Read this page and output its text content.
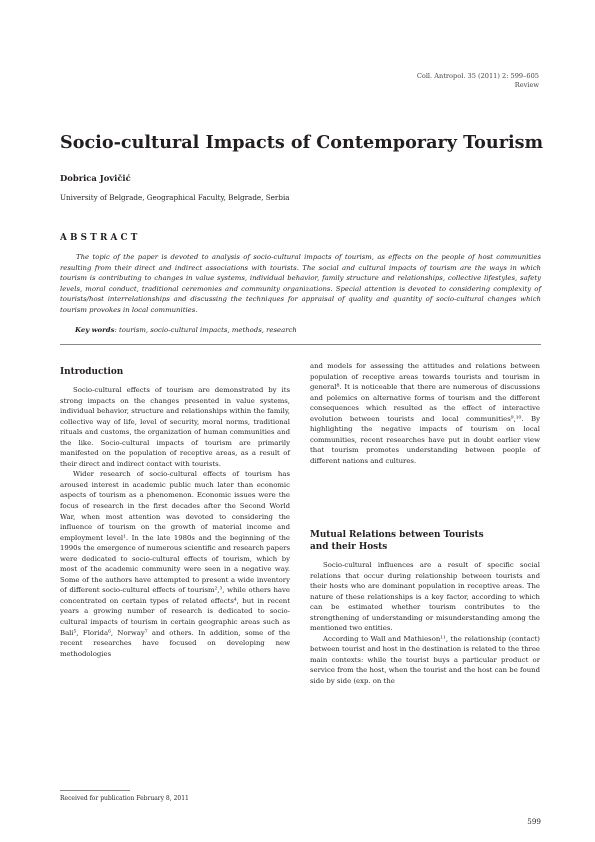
Coll. Antropol. 35 (2011) 2: 599–605
Review
Socio-cultural Impacts of Contemporary Tourism
Dobrica Jovičić
University of Belgrade, Geographical Faculty, Belgrade, Serbia
ABSTRACT
The topic of the paper is devoted to analysis of socio-cultural impacts of tourism, as effects on the people of host communities resulting from their direct and indirect associations with tourists. The social and cultural impacts of tourism are the ways in which tourism is contributing to changes in value systems, individual behavior, family structure and relationships, collective lifestyles, safety levels, moral conduct, traditional ceremonies and community organizations. Special attention is devoted to considering complexity of tourists/host interrelationships and discussing the techniques for appraisal of quality and quantity of socio-cultural changes which tourism provokes in local communities.
Key words: tourism, socio-cultural impacts, methods, research
Introduction

Socio-cultural effects of tourism are demonstrated by its strong impacts on the changes presented in value systems, individual behavior, structure and relationships within the family, collective way of life, level of security, moral norms, traditional rituals and customs, the organization of human communities and the like. Socio-cultural impacts of tourism are primarily manifested on the population of receptive areas, as a result of their direct and indirect contact with tourists.

Wider research of socio-cultural effects of tourism has aroused interest in academic public much later than economic aspects of tourism as a phenomenon. Economic issues were the focus of research in the first decades after the Second World War, when most attention was devoted to considering the influence of tourism on the growth of material income and employment level¹. In the late 1980s and the beginning of the 1990s the emergence of numerous scientific and research papers were dedicated to socio-cultural effects of tourism, which by most of the academic community were seen in a negative way. Some of the authors have attempted to present a wide inventory of different socio-cultural effects of tourism²,³, while others have concentrated on certain types of related effects⁴, but in recent years a growing number of research is dedicated to socio-cultural impacts of tourism in certain geographic areas such as Bali⁵, Florida⁶, Norway⁷ and others. In addition, some of the recent researches have focused on developing new methodologies

and models for assessing the attitudes and relations between population of receptive areas towards tourists and tourism in general⁸. It is noticeable that there are numerous of discussions and polemics on alternative forms of tourism and the different consequences which resulted as the effect of interactive evolution between tourists and local communities⁹,¹⁰. By highlighting the negative impacts of tourism on local communities, recent researches have put in doubt earlier view that tourism promotes understanding between people of different nations and cultures.

Mutual Relations between Tourists
and their Hosts

Socio-cultural influences are a result of specific social relations that occur during relationship between tourists and their hosts who are dominant population in receptive areas. The nature of these relationships is a key factor, according to which can be estimated whether tourism contributes to the strengthening of understanding or misunderstanding among the mentioned two entities.

According to Wall and Mathieson¹¹, the relationship (contact) between tourist and host in the destination is related to the three main contexts: while the tourist buys a particular product or service from the host, when the tourist and the host can be found side by side (exp. on the

Received for publication February 8, 2011
599
